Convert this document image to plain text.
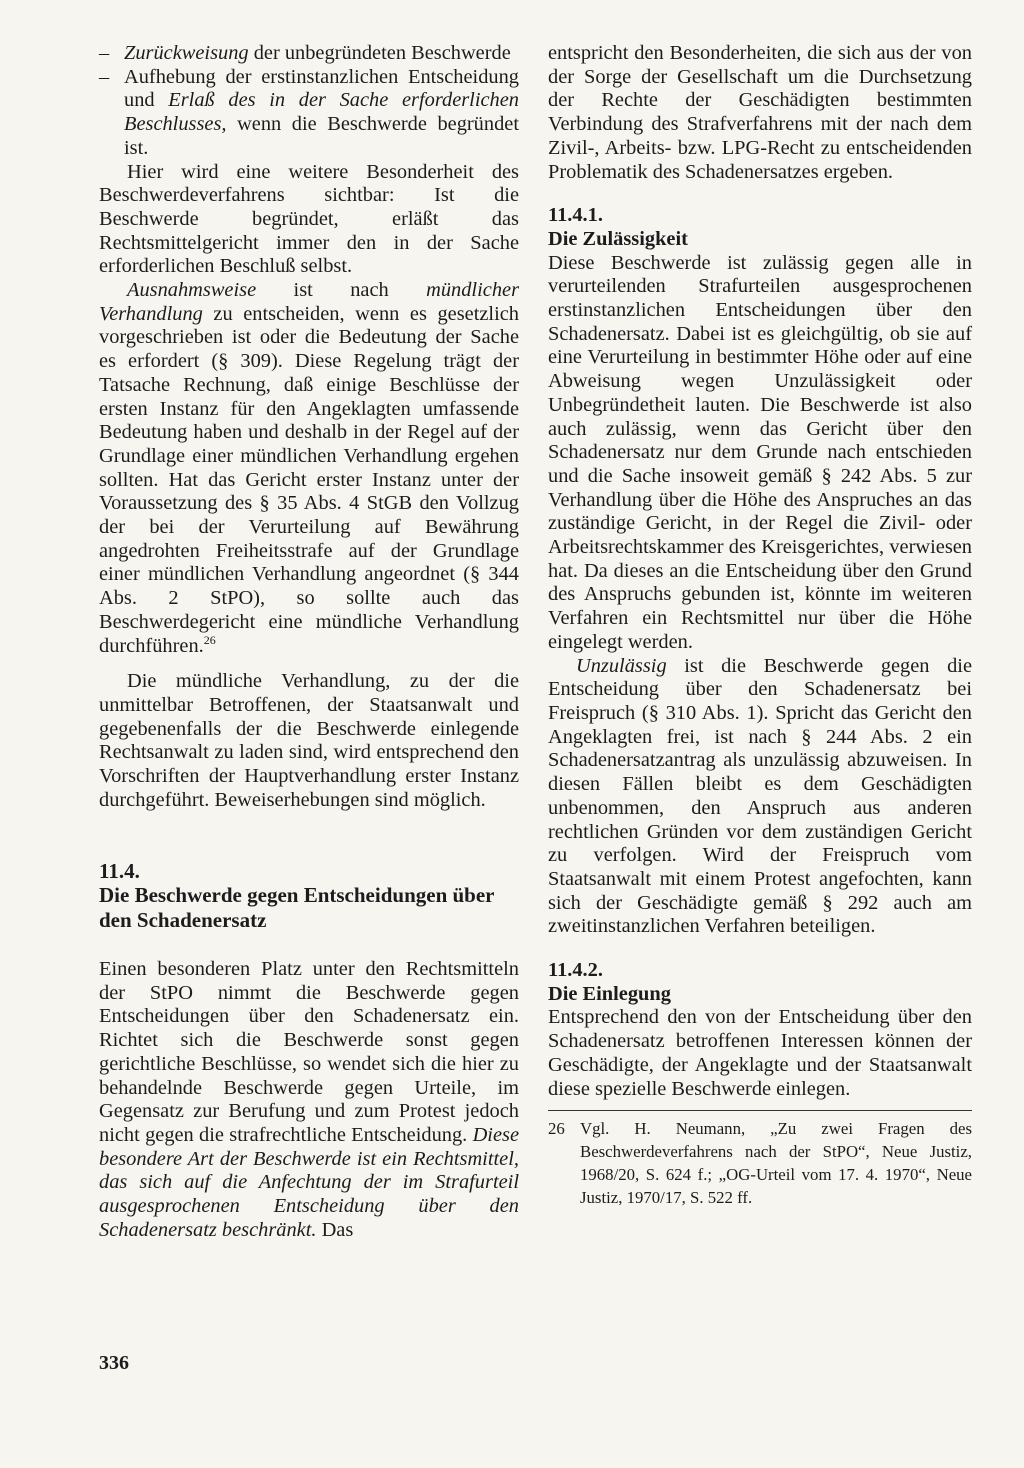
– Zurückweisung der unbegründeten Beschwerde
– Aufhebung der erstinstanzlichen Entscheidung und Erlaß des in der Sache erforderlichen Beschlusses, wenn die Beschwerde begründet ist.

Hier wird eine weitere Besonderheit des Beschwerdeverfahrens sichtbar: Ist die Beschwerde begründet, erläßt das Rechtsmittelgericht immer den in der Sache erforderlichen Beschluß selbst.

Ausnahmsweise ist nach mündlicher Verhandlung zu entscheiden, wenn es gesetzlich vorgeschrieben ist oder die Bedeutung der Sache es erfordert (§ 309). Diese Regelung trägt der Tatsache Rechnung, daß einige Beschlüsse der ersten Instanz für den Angeklagten umfassende Bedeutung haben und deshalb in der Regel auf der Grundlage einer mündlichen Verhandlung ergehen sollten. Hat das Gericht erster Instanz unter der Voraussetzung des § 35 Abs. 4 StGB den Vollzug der bei der Verurteilung auf Bewährung angedrohten Freiheitsstrafe auf der Grundlage einer mündlichen Verhandlung angeordnet (§ 344 Abs. 2 StPO), so sollte auch das Beschwerdegericht eine mündliche Verhandlung durchführen.$^{26}$

Die mündliche Verhandlung, zu der die unmittelbar Betroffenen, der Staatsanwalt und gegebenenfalls der die Beschwerde einlegende Rechtsanwalt zu laden sind, wird entsprechend den Vorschriften der Hauptverhandlung erster Instanz durchgeführt. Beweiserhebungen sind möglich.

11.4.
Die Beschwerde gegen Entscheidungen über den Schadenersatz

Einen besonderen Platz unter den Rechtsmitteln der StPO nimmt die Beschwerde gegen Entscheidungen über den Schadenersatz ein. Richtet sich die Beschwerde sonst gegen gerichtliche Beschlüsse, so wendet sich die hier zu behandelnde Beschwerde gegen Urteile, im Gegensatz zur Berufung und zum Protest jedoch nicht gegen die strafrechtliche Entscheidung. Diese besondere Art der Beschwerde ist ein Rechtsmittel, das sich auf die Anfechtung der im Strafurteil ausgesprochenen Entscheidung über den Schadenersatz beschränkt. Das

entspricht den Besonderheiten, die sich aus der von der Sorge der Gesellschaft um die Durchsetzung der Rechte der Geschädigten bestimmten Verbindung des Strafverfahrens mit der nach dem Zivil-, Arbeits- bzw. LPG-Recht zu entscheidenden Problematik des Schadenersatzes ergeben.

11.4.1.
Die Zulässigkeit

Diese Beschwerde ist zulässig gegen alle in verurteilenden Strafurteilen ausgesprochenen erstinstanzlichen Entscheidungen über den Schadenersatz. Dabei ist es gleichgültig, ob sie auf eine Verurteilung in bestimmter Höhe oder auf eine Abweisung wegen Unzulässigkeit oder Unbegründetheit lauten. Die Beschwerde ist also auch zulässig, wenn das Gericht über den Schadenersatz nur dem Grunde nach entschieden und die Sache insoweit gemäß § 242 Abs. 5 zur Verhandlung über die Höhe des Anspruches an das zuständige Gericht, in der Regel die Zivil- oder Arbeitsrechtskammer des Kreisgerichtes, verwiesen hat. Da dieses an die Entscheidung über den Grund des Anspruchs gebunden ist, könnte im weiteren Verfahren ein Rechtsmittel nur über die Höhe eingelegt werden.

Unzulässig ist die Beschwerde gegen die Entscheidung über den Schadenersatz bei Freispruch (§ 310 Abs. 1). Spricht das Gericht den Angeklagten frei, ist nach § 244 Abs. 2 ein Schadenersatzantrag als unzulässig abzuweisen. In diesen Fällen bleibt es dem Geschädigten unbenommen, den Anspruch aus anderen rechtlichen Gründen vor dem zuständigen Gericht zu verfolgen. Wird der Freispruch vom Staatsanwalt mit einem Protest angefochten, kann sich der Geschädigte gemäß § 292 auch am zweitinstanzlichen Verfahren beteiligen.

11.4.2.
Die Einlegung

Entsprechend den von der Entscheidung über den Schadenersatz betroffenen Interessen können der Geschädigte, der Angeklagte und der Staatsanwalt diese spezielle Beschwerde einlegen.

26 Vgl. H. Neumann, „Zu zwei Fragen des Beschwerdeverfahrens nach der StPO“, Neue Justiz, 1968/20, S. 624 f.; „OG-Urteil vom 17. 4. 1970“, Neue Justiz, 1970/17, S. 522 ff.
336
